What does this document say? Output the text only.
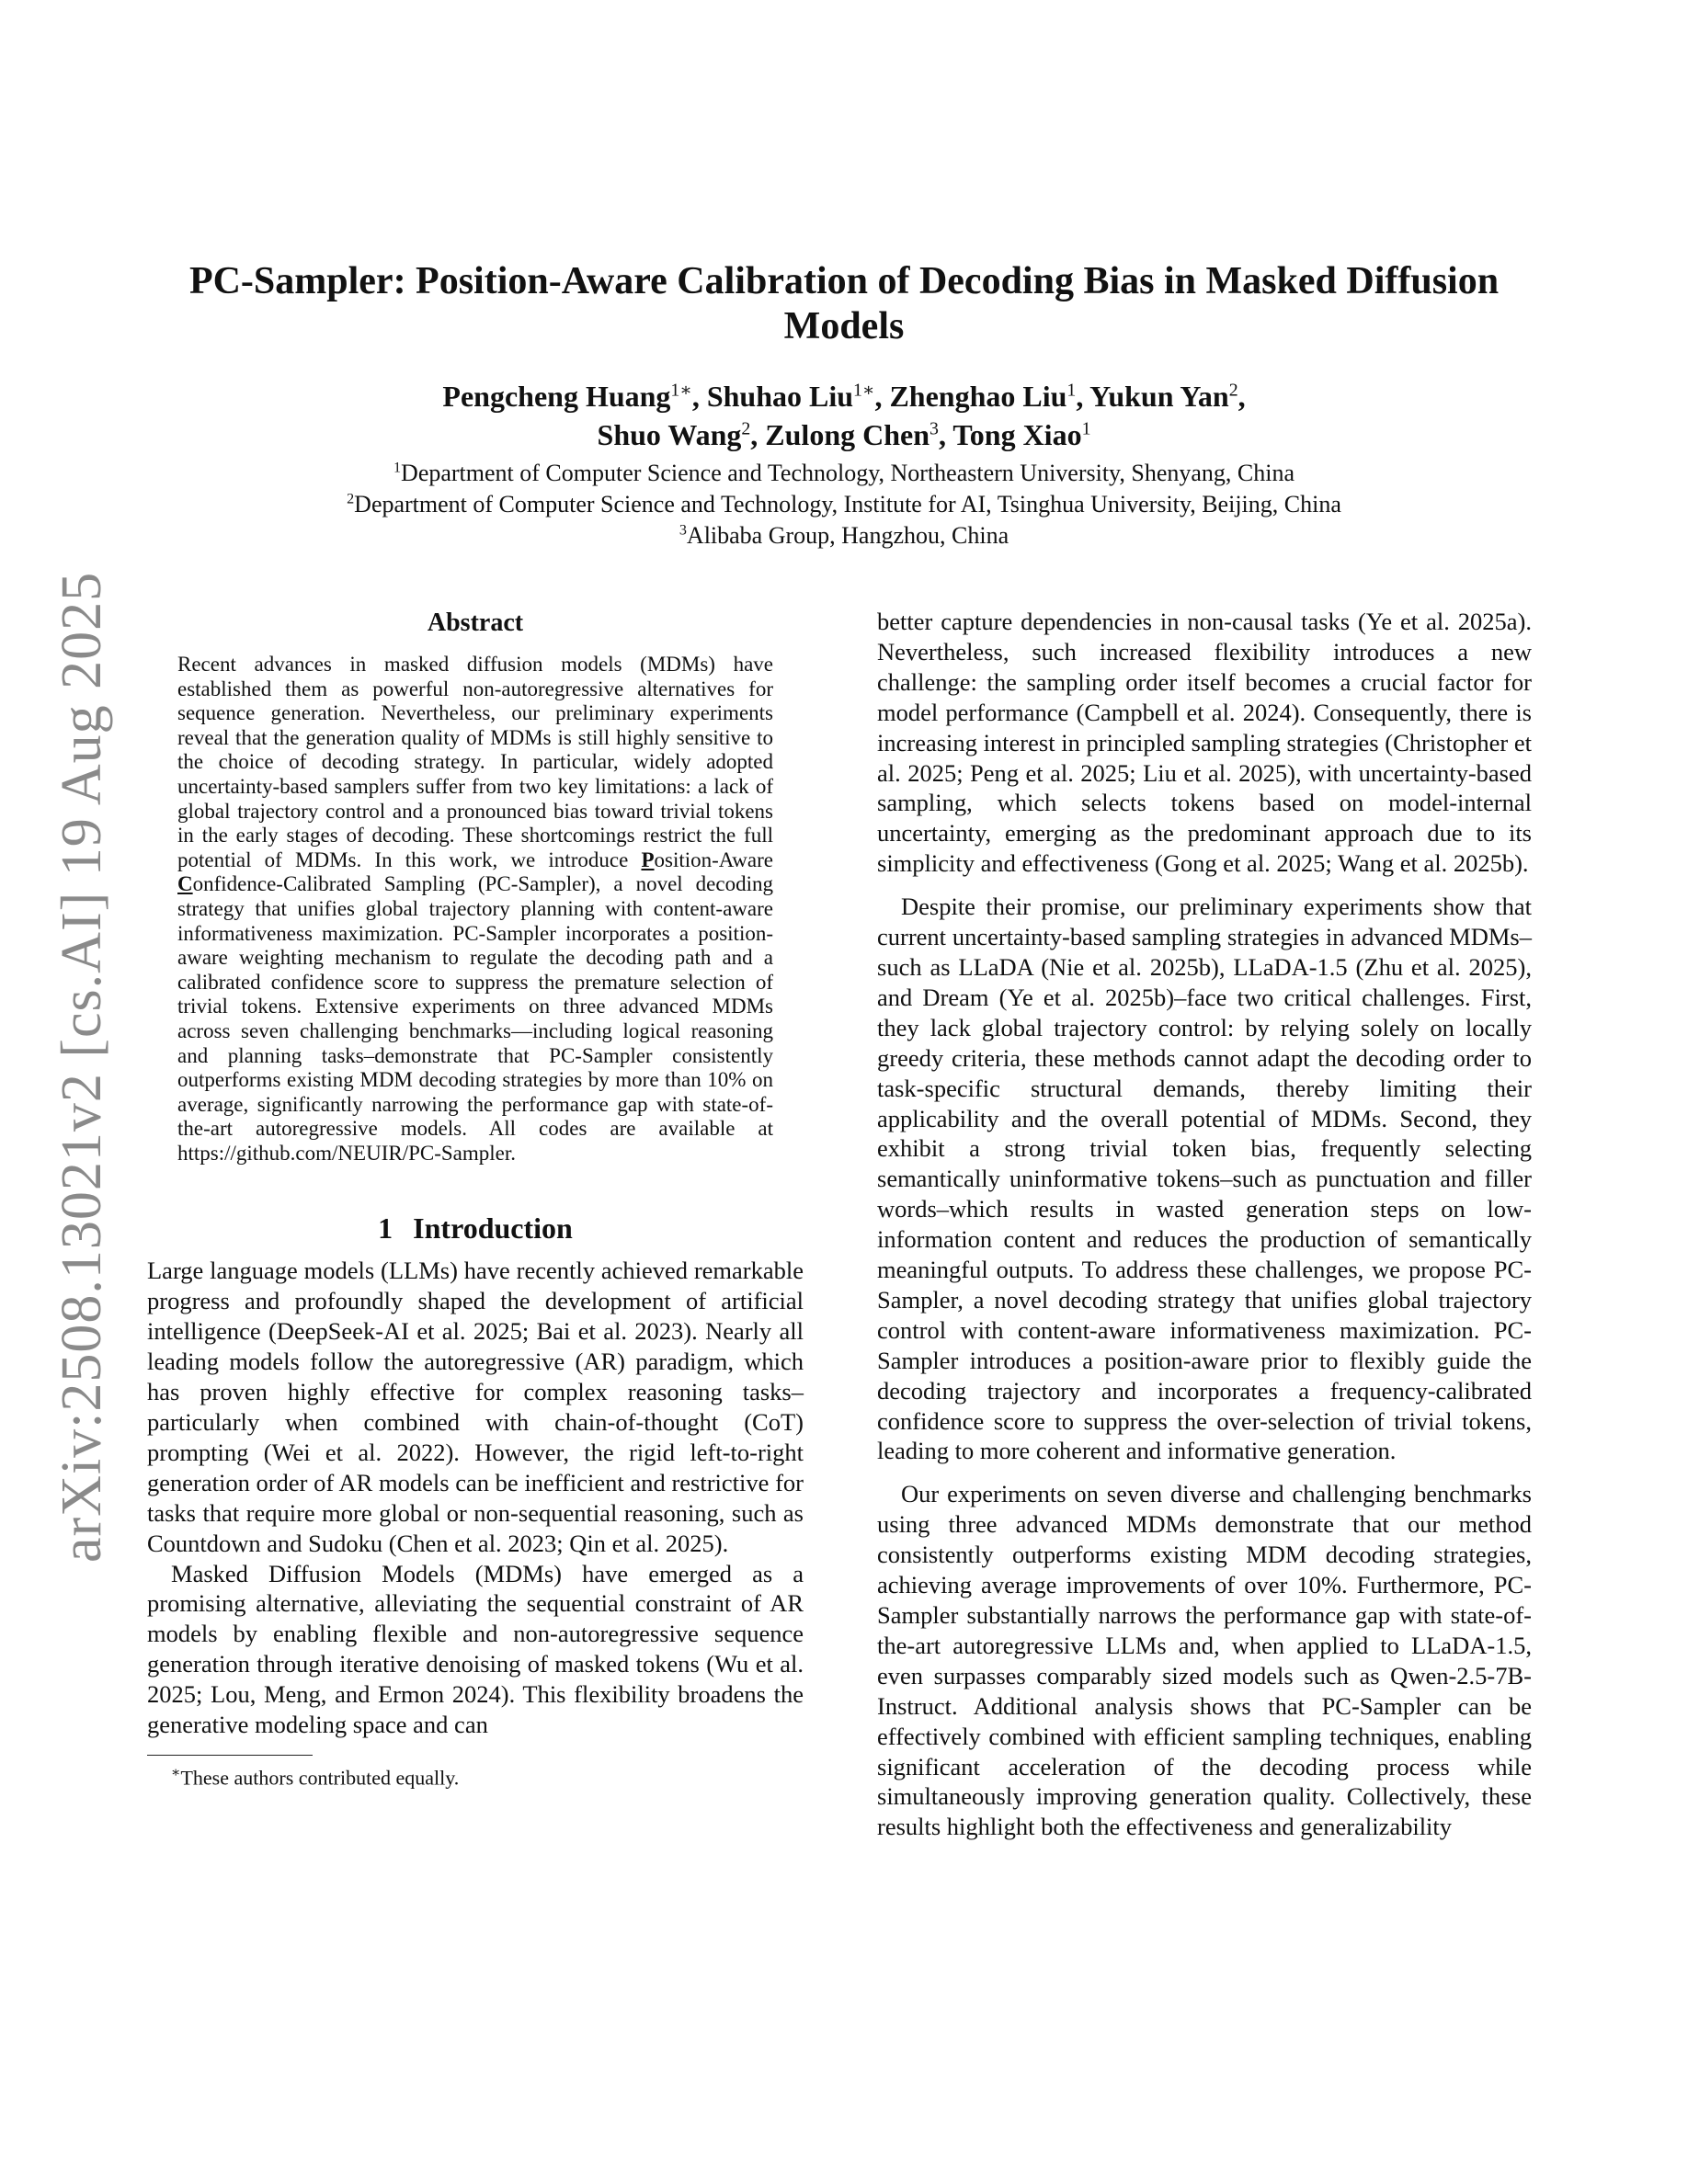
arXiv:2508.13021v2 [cs.AI] 19 Aug 2025
PC-Sampler: Position-Aware Calibration of Decoding Bias in Masked Diffusion Models
Pengcheng Huang$^{1∗}$, Shuhao Liu$^{1∗}$, Zhenghao Liu$^1$, Yukun Yan$^2$,
Shuo Wang$^2$, Zulong Chen$^3$, Tong Xiao$^1$
$^1$Department of Computer Science and Technology, Northeastern University, Shenyang, China
$^2$Department of Computer Science and Technology, Institute for AI, Tsinghua University, Beijing, China
$^3$Alibaba Group, Hangzhou, China
Abstract

Recent advances in masked diffusion models (MDMs) have established them as powerful non-autoregressive alternatives for sequence generation. Nevertheless, our preliminary experiments reveal that the generation quality of MDMs is still highly sensitive to the choice of decoding strategy. In particular, widely adopted uncertainty-based samplers suffer from two key limitations: a lack of global trajectory control and a pronounced bias toward trivial tokens in the early stages of decoding. These shortcomings restrict the full potential of MDMs. In this work, we introduce Position-Aware Confidence-Calibrated Sampling (PC-Sampler), a novel decoding strategy that unifies global trajectory planning with content-aware informativeness maximization. PC-Sampler incorporates a position-aware weighting mechanism to regulate the decoding path and a calibrated confidence score to suppress the premature selection of trivial tokens. Extensive experiments on three advanced MDMs across seven challenging benchmarks—including logical reasoning and planning tasks–demonstrate that PC-Sampler consistently outperforms existing MDM decoding strategies by more than 10% on average, significantly narrowing the performance gap with state-of-the-art autoregressive models. All codes are available at https://github.com/NEUIR/PC-Sampler.

1 Introduction

Large language models (LLMs) have recently achieved remarkable progress and profoundly shaped the development of artificial intelligence (DeepSeek-AI et al. 2025; Bai et al. 2023). Nearly all leading models follow the autoregressive (AR) paradigm, which has proven highly effective for complex reasoning tasks–particularly when combined with chain-of-thought (CoT) prompting (Wei et al. 2022). However, the rigid left-to-right generation order of AR models can be inefficient and restrictive for tasks that require more global or non-sequential reasoning, such as Countdown and Sudoku (Chen et al. 2023; Qin et al. 2025).

Masked Diffusion Models (MDMs) have emerged as a promising alternative, alleviating the sequential constraint of AR models by enabling flexible and non-autoregressive sequence generation through iterative denoising of masked tokens (Wu et al. 2025; Lou, Meng, and Ermon 2024). This flexibility broadens the generative modeling space and can

∗These authors contributed equally.

better capture dependencies in non-causal tasks (Ye et al. 2025a). Nevertheless, such increased flexibility introduces a new challenge: the sampling order itself becomes a crucial factor for model performance (Campbell et al. 2024). Consequently, there is increasing interest in principled sampling strategies (Christopher et al. 2025; Peng et al. 2025; Liu et al. 2025), with uncertainty-based sampling, which selects tokens based on model-internal uncertainty, emerging as the predominant approach due to its simplicity and effectiveness (Gong et al. 2025; Wang et al. 2025b).

Despite their promise, our preliminary experiments show that current uncertainty-based sampling strategies in advanced MDMs–such as LLaDA (Nie et al. 2025b), LLaDA-1.5 (Zhu et al. 2025), and Dream (Ye et al. 2025b)–face two critical challenges. First, they lack global trajectory control: by relying solely on locally greedy criteria, these methods cannot adapt the decoding order to task-specific structural demands, thereby limiting their applicability and the overall potential of MDMs. Second, they exhibit a strong trivial token bias, frequently selecting semantically uninformative tokens–such as punctuation and filler words–which results in wasted generation steps on low-information content and reduces the production of semantically meaningful outputs. To address these challenges, we propose PC-Sampler, a novel decoding strategy that unifies global trajectory control with content-aware informativeness maximization. PC-Sampler introduces a position-aware prior to flexibly guide the decoding trajectory and incorporates a frequency-calibrated confidence score to suppress the over-selection of trivial tokens, leading to more coherent and informative generation.

Our experiments on seven diverse and challenging benchmarks using three advanced MDMs demonstrate that our method consistently outperforms existing MDM decoding strategies, achieving average improvements of over 10%. Furthermore, PC-Sampler substantially narrows the performance gap with state-of-the-art autoregressive LLMs and, when applied to LLaDA-1.5, even surpasses comparably sized models such as Qwen-2.5-7B-Instruct. Additional analysis shows that PC-Sampler can be effectively combined with efficient sampling techniques, enabling significant acceleration of the decoding process while simultaneously improving generation quality. Collectively, these results highlight both the effectiveness and generalizability
